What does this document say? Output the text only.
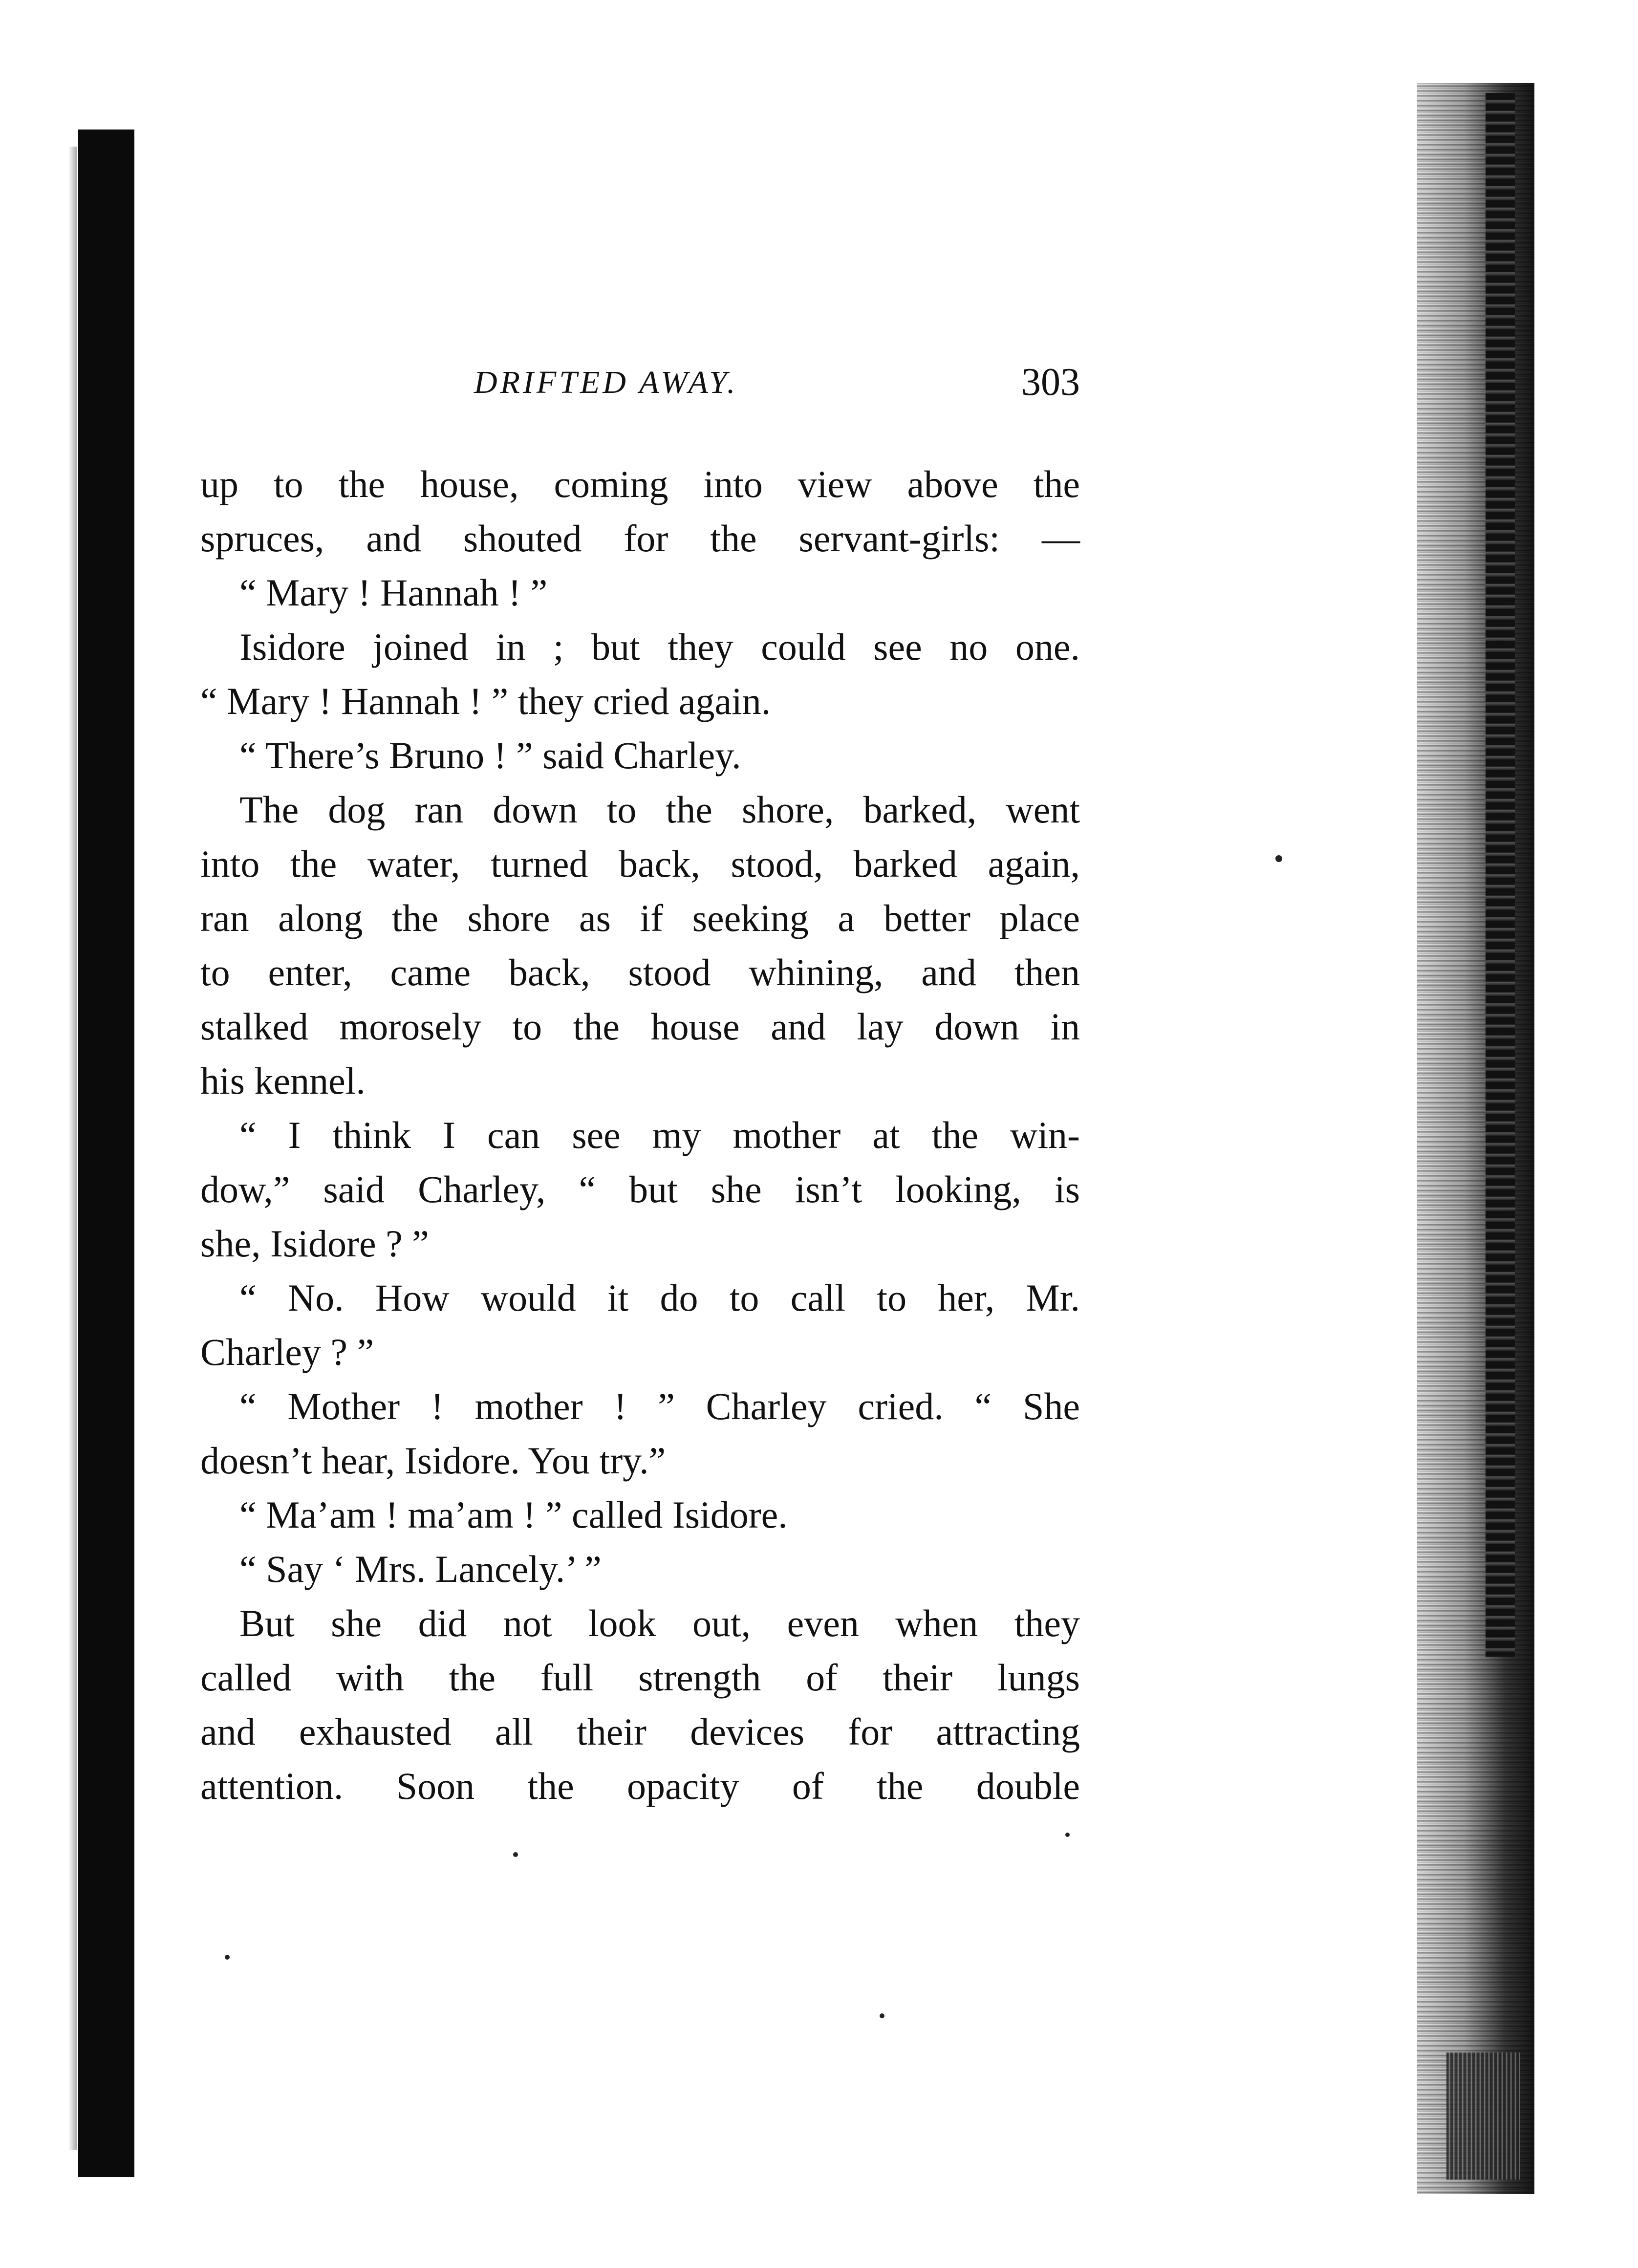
DRIFTED AWAY.	303
up to the house, coming into view above the
spruces, and shouted for the servant-girls: —
“ Mary ! Hannah ! ”
Isidore joined in ; but they could see no one.
“ Mary ! Hannah ! ” they cried again.
“ There’s Bruno ! ” said Charley.
The dog ran down to the shore, barked, went
into the water, turned back, stood, barked again,
ran along the shore as if seeking a better place
to enter, came back, stood whining, and then
stalked morosely to the house and lay down in
his kennel.
“ I think I can see my mother at the win-
dow,” said Charley, “ but she isn’t looking, is
she, Isidore ? ”
“ No. How would it do to call to her, Mr.
Charley ? ”
“ Mother ! mother ! ” Charley cried. “ She
doesn’t hear, Isidore. You try.”
“ Ma’am ! ma’am ! ” called Isidore.
“ Say ‘ Mrs. Lancely.’ ”
But she did not look out, even when they
called with the full strength of their lungs
and exhausted all their devices for attracting
attention. Soon the opacity of the double
